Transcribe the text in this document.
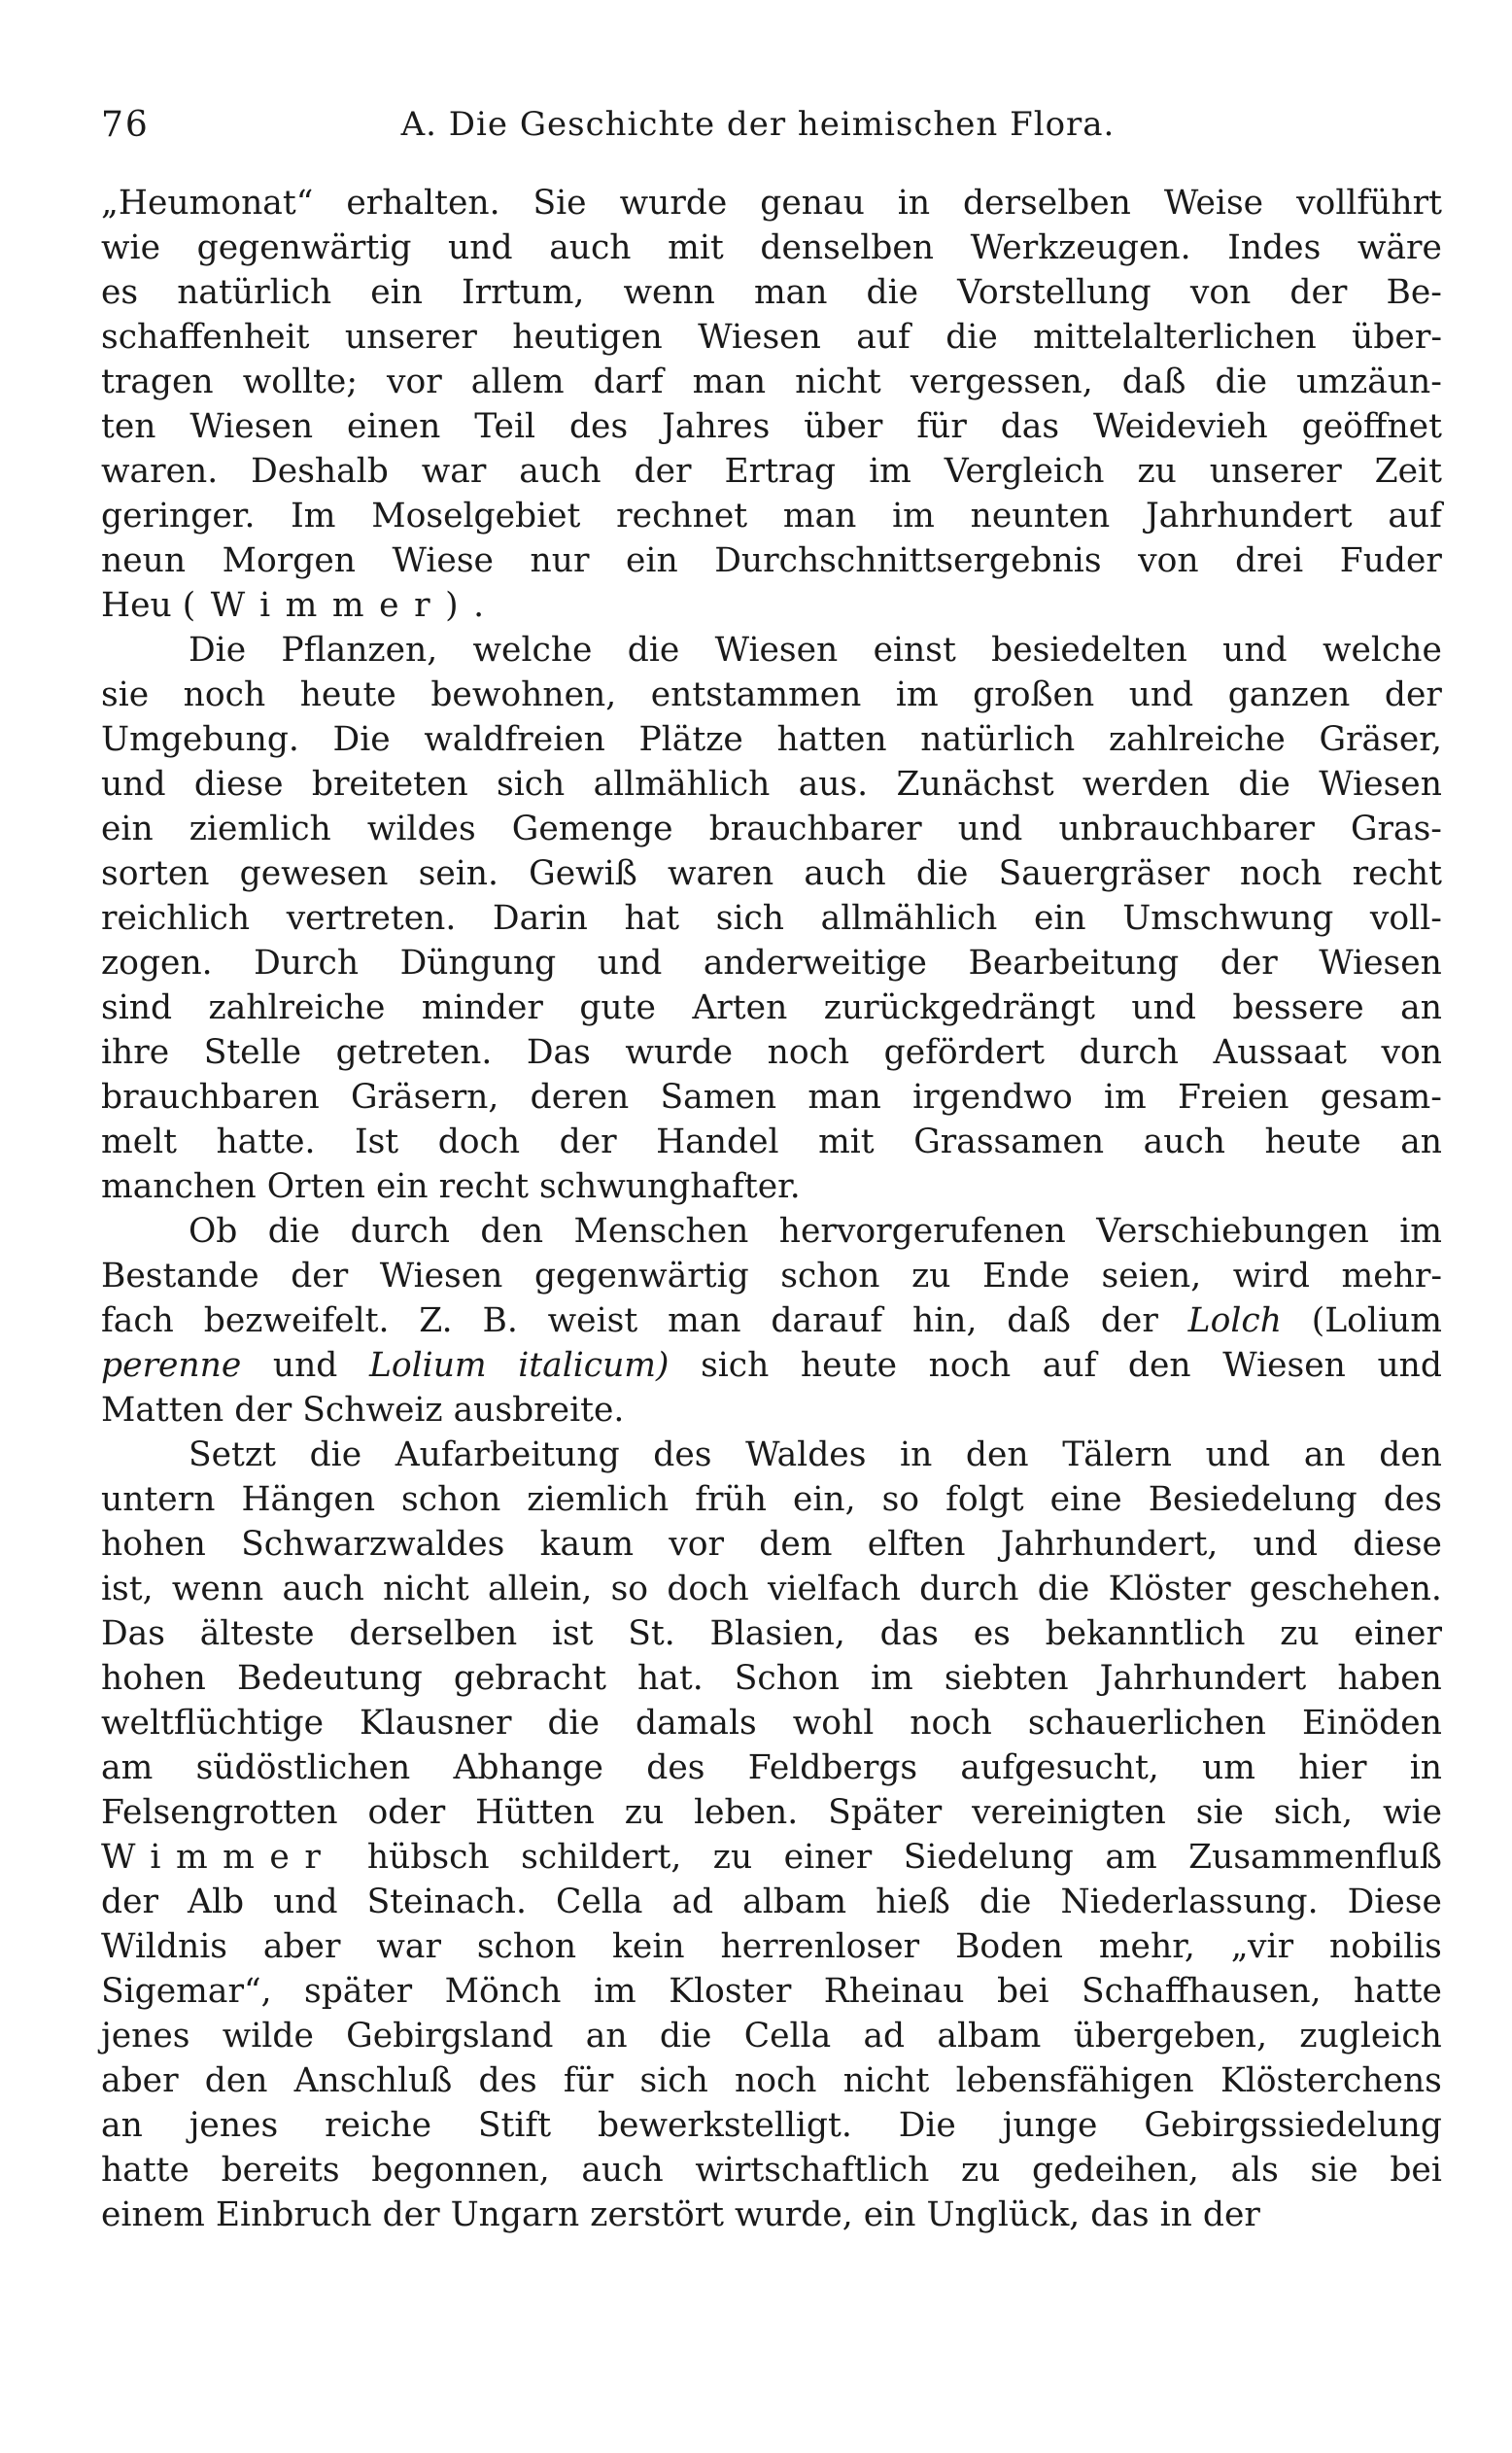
76	A. Die Geschichte der heimischen Flora.
„Heumonat“ erhalten. Sie wurde genau in derselben Weise vollführt
wie gegenwärtig und auch mit denselben Werkzeugen. Indes wäre
es natürlich ein Irrtum, wenn man die Vorstellung von der Be-
schaffenheit unserer heutigen Wiesen auf die mittelalterlichen über-
tragen wollte; vor allem darf man nicht vergessen, daß die umzäun-
ten Wiesen einen Teil des Jahres über für das Weidevieh geöffnet
waren. Deshalb war auch der Ertrag im Vergleich zu unserer Zeit
geringer. Im Moselgebiet rechnet man im neunten Jahrhundert auf
neun Morgen Wiese nur ein Durchschnittsergebnis von drei Fuder
Heu (Wimmer).
Die Pflanzen, welche die Wiesen einst besiedelten und welche
sie noch heute bewohnen, entstammen im großen und ganzen der
Umgebung. Die waldfreien Plätze hatten natürlich zahlreiche Gräser,
und diese breiteten sich allmählich aus. Zunächst werden die Wiesen
ein ziemlich wildes Gemenge brauchbarer und unbrauchbarer Gras-
sorten gewesen sein. Gewiß waren auch die Sauergräser noch recht
reichlich vertreten. Darin hat sich allmählich ein Umschwung voll-
zogen. Durch Düngung und anderweitige Bearbeitung der Wiesen
sind zahlreiche minder gute Arten zurückgedrängt und bessere an
ihre Stelle getreten. Das wurde noch gefördert durch Aussaat von
brauchbaren Gräsern, deren Samen man irgendwo im Freien gesam-
melt hatte. Ist doch der Handel mit Grassamen auch heute an
manchen Orten ein recht schwunghafter.
Ob die durch den Menschen hervorgerufenen Verschiebungen im
Bestande der Wiesen gegenwärtig schon zu Ende seien, wird mehr-
fach bezweifelt. Z. B. weist man darauf hin, daß der Lolch (Lolium
perenne und Lolium italicum) sich heute noch auf den Wiesen und
Matten der Schweiz ausbreite.
Setzt die Aufarbeitung des Waldes in den Tälern und an den
untern Hängen schon ziemlich früh ein, so folgt eine Besiedelung des
hohen Schwarzwaldes kaum vor dem elften Jahrhundert, und diese
ist, wenn auch nicht allein, so doch vielfach durch die Klöster geschehen.
Das älteste derselben ist St. Blasien, das es bekanntlich zu einer
hohen Bedeutung gebracht hat. Schon im siebten Jahrhundert haben
weltflüchtige Klausner die damals wohl noch schauerlichen Einöden
am südöstlichen Abhange des Feldbergs aufgesucht, um hier in
Felsengrotten oder Hütten zu leben. Später vereinigten sie sich, wie
Wimmer hübsch schildert, zu einer Siedelung am Zusammenfluß
der Alb und Steinach. Cella ad albam hieß die Niederlassung. Diese
Wildnis aber war schon kein herrenloser Boden mehr, „vir nobilis
Sigemar“, später Mönch im Kloster Rheinau bei Schaffhausen, hatte
jenes wilde Gebirgsland an die Cella ad albam übergeben, zugleich
aber den Anschluß des für sich noch nicht lebensfähigen Klösterchens
an jenes reiche Stift bewerkstelligt. Die junge Gebirgssiedelung
hatte bereits begonnen, auch wirtschaftlich zu gedeihen, als sie bei
einem Einbruch der Ungarn zerstört wurde, ein Unglück, das in der
